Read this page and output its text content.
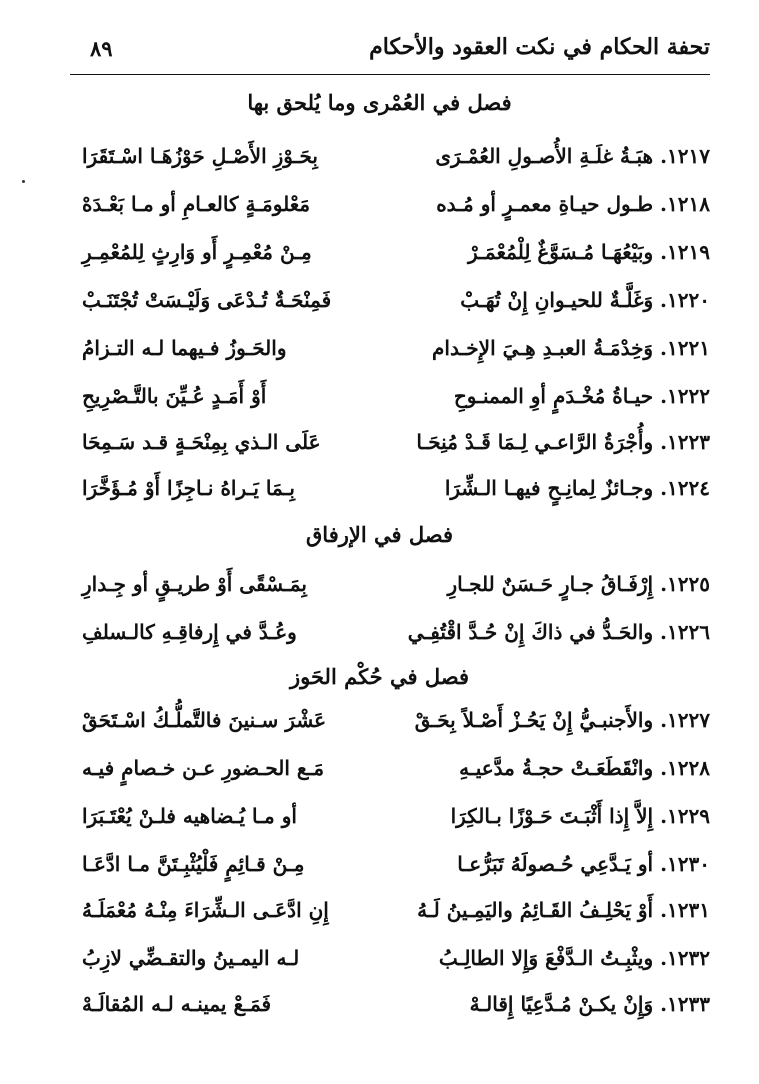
تحفة الحكام في نكت العقود والأحكام
٨٩
فصل في العُمْرى وما يُلحق بها
١٢١٧. هبَـةُ غلَـةِ الأُصـولِ العُمْـرَى
بِحَـوْزِ الأَصْـلِ حَوْزُهَـا اسْـتَقَرَا
١٢١٨. طـول حيـاةِ معمـرٍ أو مُـده
مَعْلومَـةٍ كالعـامِ أو مـا بَعْـدَهْ
١٢١٩. وبَيْعُهَـا مُـسَوَّغٌ لِلْمُعْمَـرْ
مِـنْ مُعْمِـرٍ أَو وَارِثٍ لِلمُعْمِـرِ
١٢٢٠. وَغَلَّـةٌ للحيـوانِ إِنْ تُهَـبْ
فَمِنْحَـةٌ تُـدْعَى وَلَيْـسَتْ تُجْتَنَـبْ
١٢٢١. وَخِدْمَـةُ العبـدِ هِـيَ الإِخـدام
والحَـوزُ فـيهما لـه التـزامُ
١٢٢٢. حيـاةُ مُخْـدَمٍ أوِ الممنـوحِ
أَوْ أَمَـدٍ عُـيِّنَ بالتَّـصْرِيحِ
١٢٢٣. وأُجْرَةُ الرَّاعـي لِـمَا قَـدْ مُنِحَـا
عَلَى الـذي بِمِنْحَـةٍ قـد سَـمِحَا
١٢٢٤. وجـائزٌ لِمانِـحٍ فيهـا الـشِّرَا
بِـمَا يَـراهُ نـاجِزًا أَوْ مُـؤَخَّرَا
فصل في الإرفاق
١٢٢٥. إِرْفَـاقُ جـارٍ حَـسَنٌ للجـارِ
بِمَـسْقًى أَوْ طريـقٍ أو جِـدارِ
١٢٢٦. والحَـدُّ في ذاكَ إِنْ حُـدَّ اقْتُفِـي
وعُـدَّ في إِرفاقِـهِ كالـسلفِ
فصل في حُكْم الحَوز
١٢٢٧. والأَجنبـيُّ إِنْ يَحُـزْ أَصْـلاً بِحَـقْ
عَشْرَ سـنينَ فالتَّملُّـكُ اسْـتَحَقْ
١٢٢٨. وانْقَطَعَـتْ حجـةُ مدَّعيـهِ
مَـع الحـضورِ عـن خـصامٍ فيـه
١٢٢٩. إِلاَّ إِذا أَثْبَـتَ حَـوْزًا بـالكِرَا
أو مـا يُـضاهيه فلـنْ يُعْتَـبَرَا
١٢٣٠. أو يَـدَّعِي حُـصولَهُ تَبَرُّعـا
مِـنْ قـائِمٍ فَلْيُثْبِـتَنَّ مـا ادَّعَـا
١٢٣١. أَوْ يَحْلِـفُ القَـائِمُ واليَمِـينُ لَـهُ
إِنِ ادَّعَـى الـشِّرَاءَ مِنْـهُ مُعْمَلَـهُ
١٢٣٢. ويثْبِـتُ الـدَّفْعَ وَإِلا الطالِـبُ
لـه اليمـينُ والتقـضِّي لازِبُ
١٢٣٣. وَإِنْ يكـنْ مُـدَّعِيًا إِقالـهْ
فَمَـعْ يمينـه لـه المُقالَـهْ
